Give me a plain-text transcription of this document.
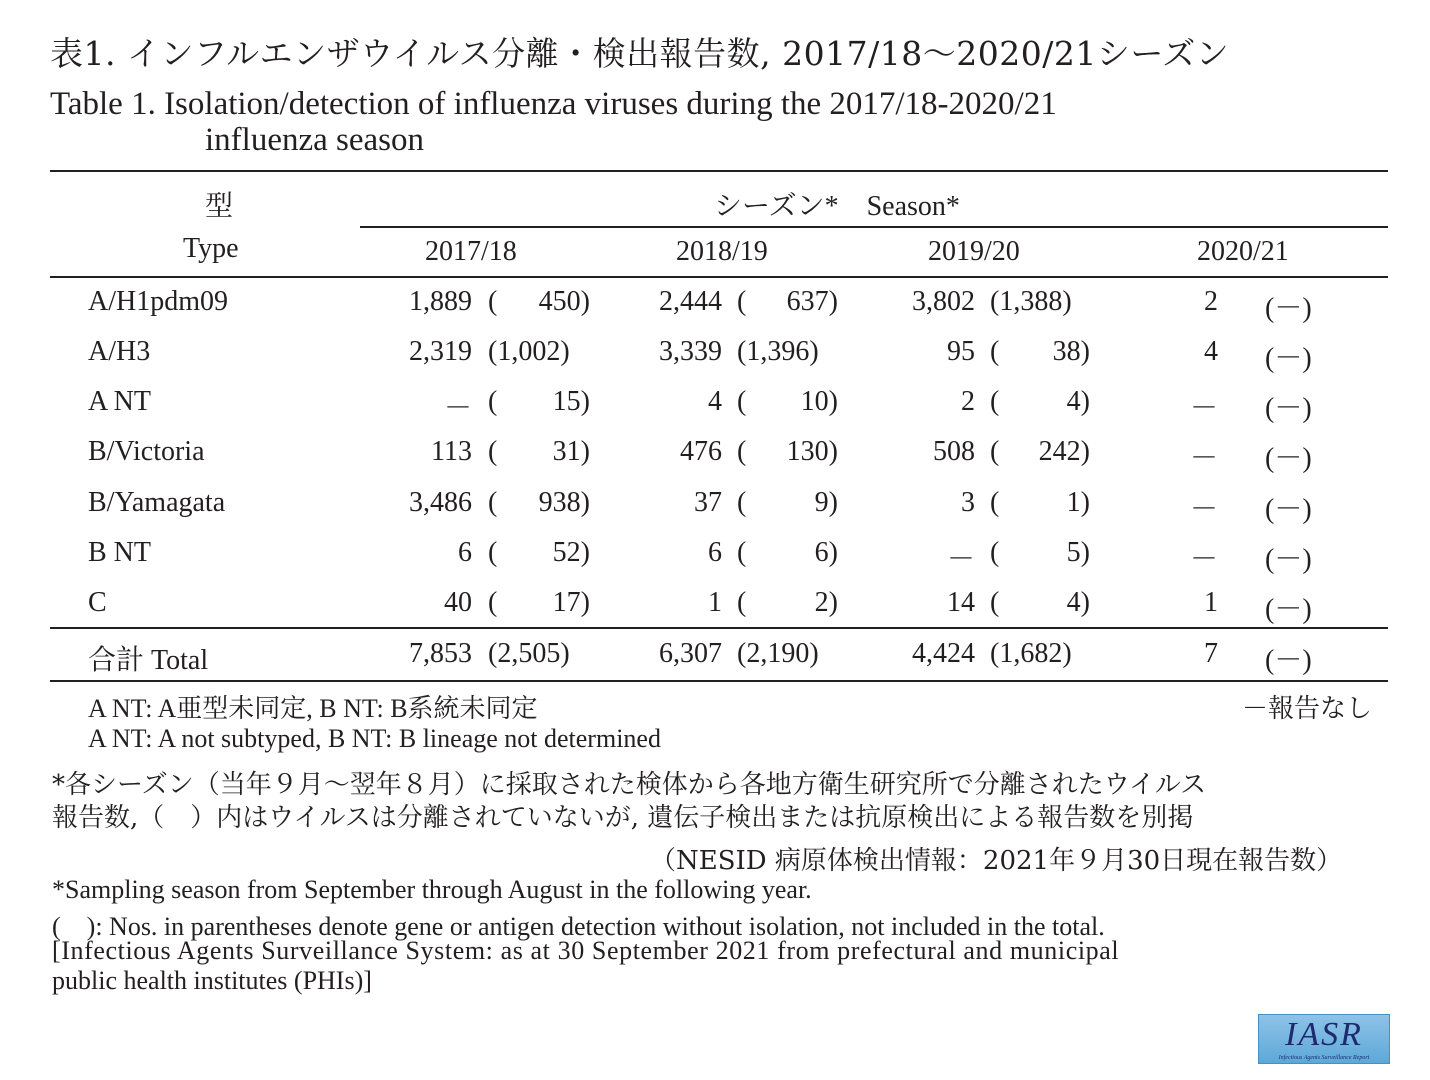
表1. インフルエンザウイルス分離・検出報告数, 2017/18～2020/21シーズン
Table 1. Isolation/detection of influenza viruses during the 2017/18-2020/21
influenza season
型
Type
シーズン*　Season*
2017/18	2018/19	2019/20	2020/21
A/H1pdm09	1,889 (	450)	2,444 (	637)	3,802 (1,388)	2 (－)
A/H3	2,319 (1,002)	3,339 (1,396)	95 (	38)	4 (－)
A NT	－ (	15)	4 (	10)	2 (	4)	－ (－)
B/Victoria	113 (	31)	476 (	130)	508 (	242)	－ (－)
B/Yamagata	3,486 (	938)	37 (	9)	3 (	1)	－ (－)
B NT	6 (	52)	6 (	6)	－ (	5)	－ (－)
C	40 (	17)	1 (	2)	14 (	4)	1 (－)
合計 Total	7,853 (2,505)	6,307 (2,190)	4,424 (1,682)	7 (－)
A NT: A亜型未同定, B NT: B系統未同定	－報告なし
A NT: A not subtyped, B NT: B lineage not determined
*各シーズン（当年９月～翌年８月）に採取された検体から各地方衛生研究所で分離されたウイルス
報告数,（　）内はウイルスは分離されていないが, 遺伝子検出または抗原検出による報告数を別掲
（NESID 病原体検出情報：2021年９月30日現在報告数）
*Sampling season from September through August in the following year.
(　): Nos. in parentheses denote gene or antigen detection without isolation, not included in the total.
[Infectious Agents Surveillance System: as at 30 September 2021 from prefectural and municipal
public health institutes (PHIs)]
IASR
Infectious Agents Surveillance Report
